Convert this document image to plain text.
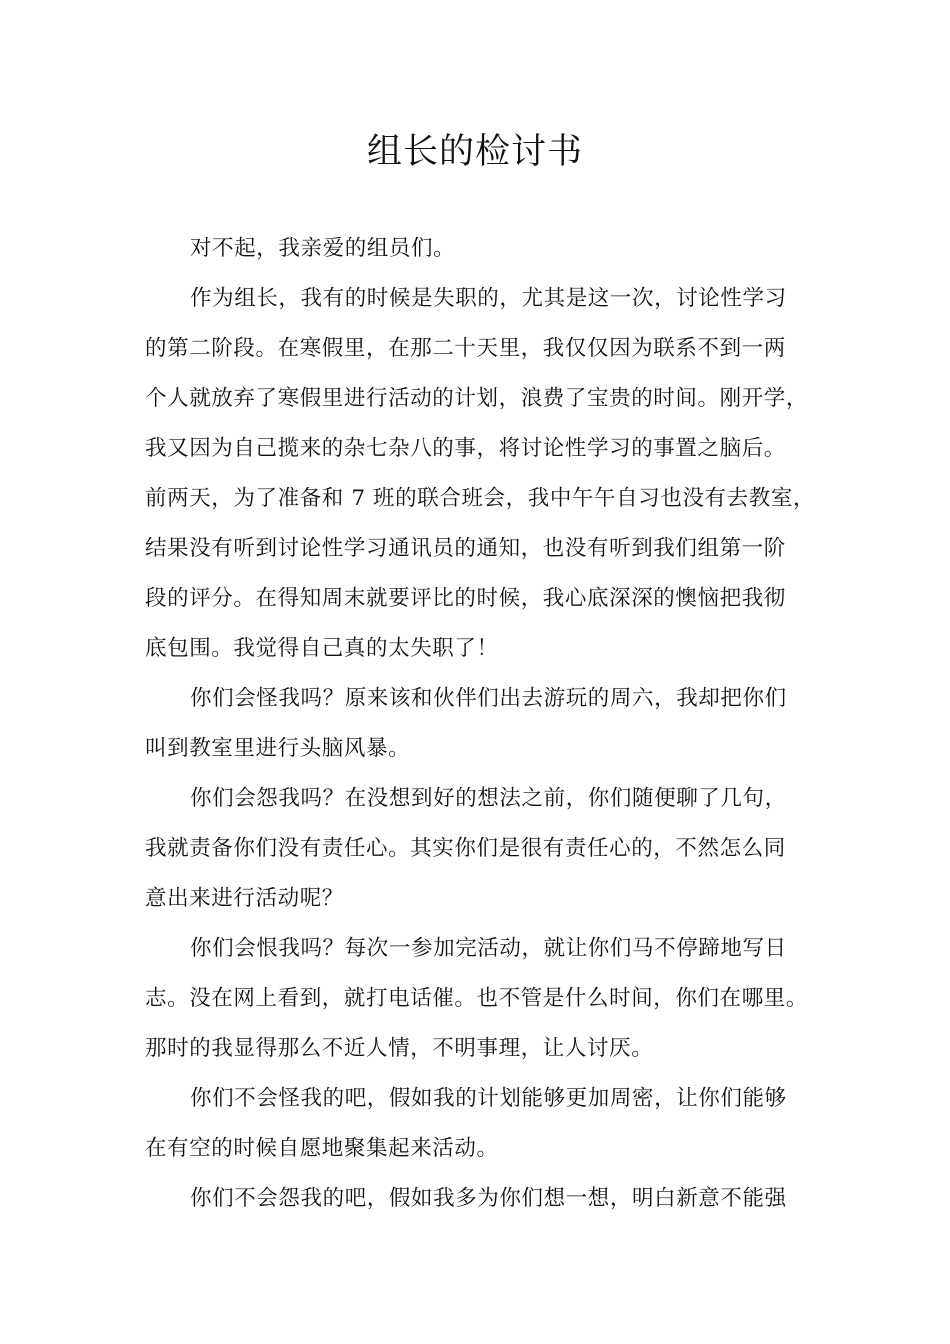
组长的检讨书
对不起，我亲爱的组员们。
作为组长，我有的时候是失职的，尤其是这一次，讨论性学习
的第二阶段。在寒假里，在那二十天里，我仅仅因为联系不到一两
个人就放弃了寒假里进行活动的计划，浪费了宝贵的时间。刚开学，
我又因为自己揽来的杂七杂八的事，将讨论性学习的事置之脑后。
前两天，为了准备和 7 班的联合班会，我中午午自习也没有去教室，
结果没有听到讨论性学习通讯员的通知，也没有听到我们组第一阶
段的评分。在得知周末就要评比的时候，我心底深深的懊恼把我彻
底包围。我觉得自己真的太失职了！
你们会怪我吗？原来该和伙伴们出去游玩的周六，我却把你们
叫到教室里进行头脑风暴。
你们会怨我吗？在没想到好的想法之前，你们随便聊了几句，
我就责备你们没有责任心。其实你们是很有责任心的，不然怎么同
意出来进行活动呢？
你们会恨我吗？每次一参加完活动，就让你们马不停蹄地写日
志。没在网上看到，就打电话催。也不管是什么时间，你们在哪里。
那时的我显得那么不近人情，不明事理，让人讨厌。
你们不会怪我的吧，假如我的计划能够更加周密，让你们能够
在有空的时候自愿地聚集起来活动。
你们不会怨我的吧，假如我多为你们想一想，明白新意不能强
